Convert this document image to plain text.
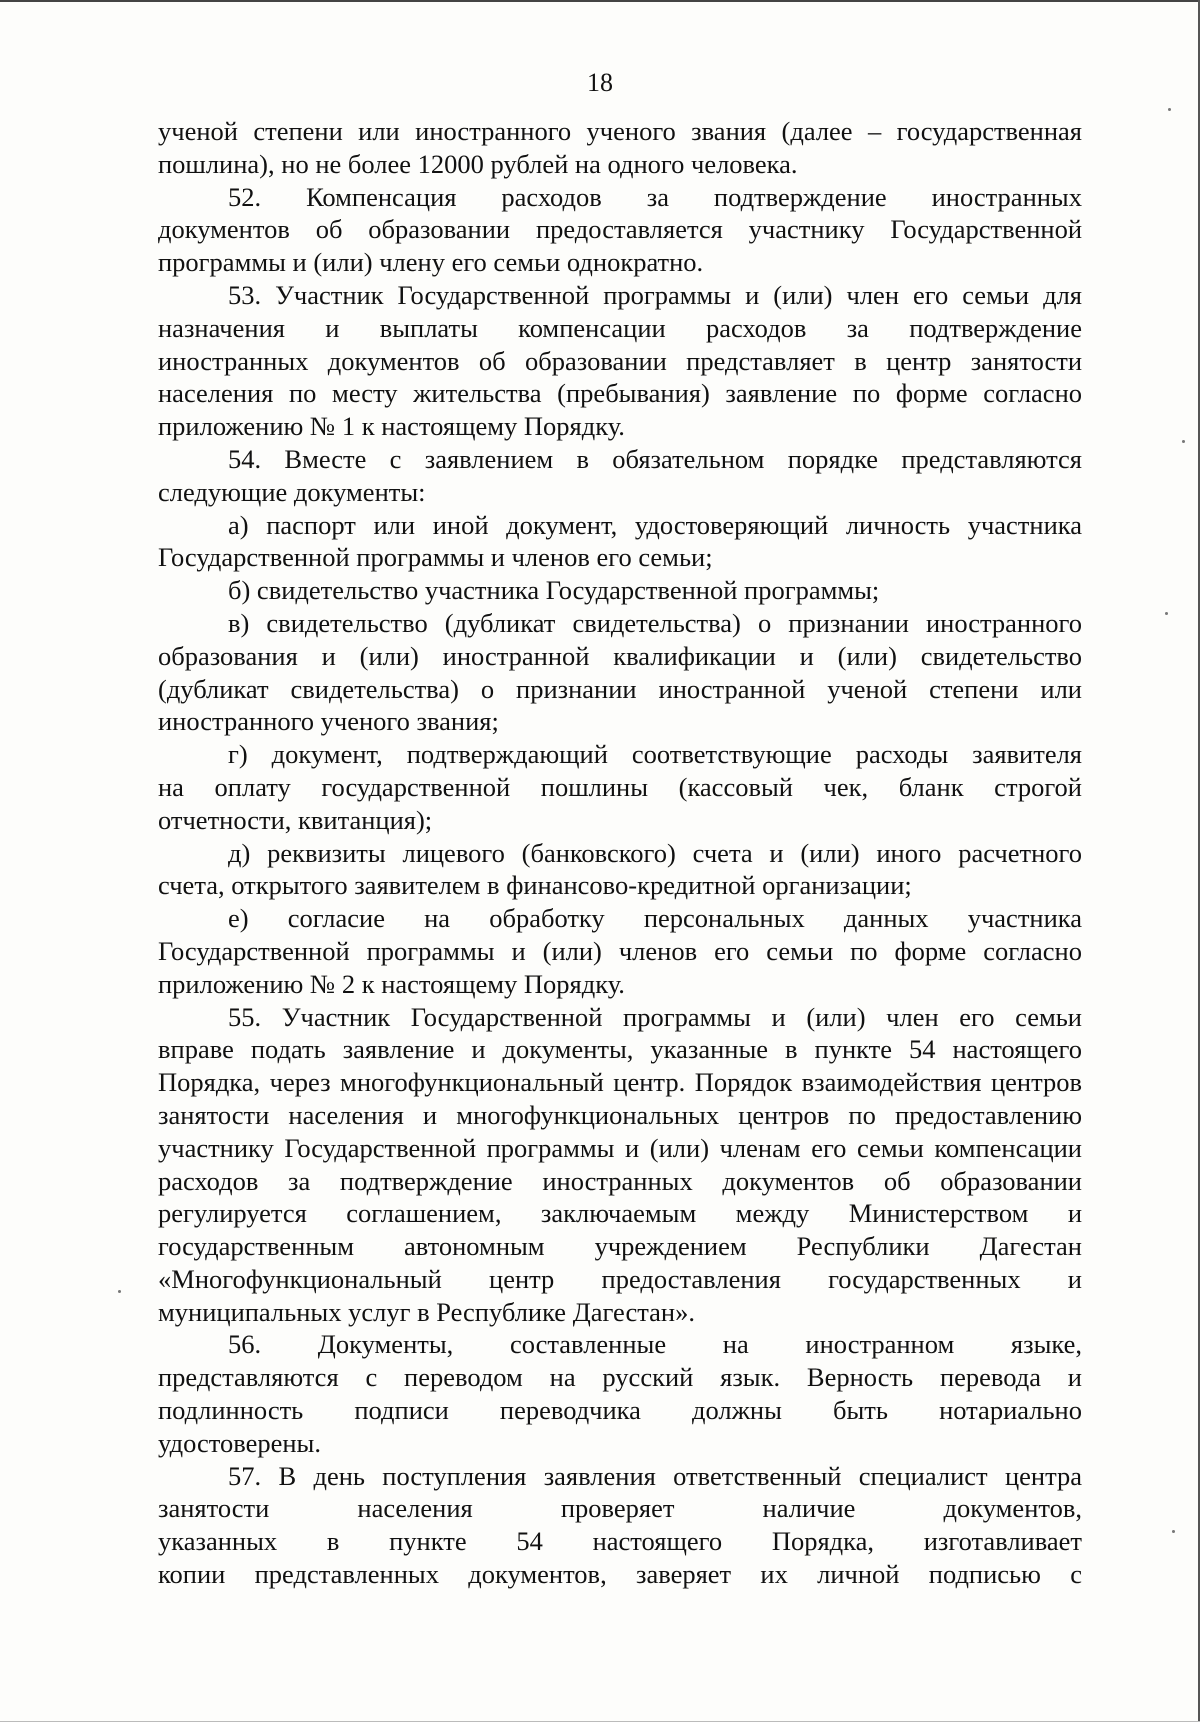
18
ученой степени или иностранного ученого звания (далее – государственная
пошлина), но не более 12000 рублей на одного человека.
52. Компенсация расходов за подтверждение иностранных
документов об образовании предоставляется участнику Государственной
программы и (или) члену его семьи однократно.
53. Участник Государственной программы и (или) член его семьи для
назначения и выплаты компенсации расходов за подтверждение
иностранных документов об образовании представляет в центр занятости
населения по месту жительства (пребывания) заявление по форме согласно
приложению № 1 к настоящему Порядку.
54. Вместе с заявлением в обязательном порядке представляются
следующие документы:
а) паспорт или иной документ, удостоверяющий личность участника
Государственной программы и членов его семьи;
б) свидетельство участника Государственной программы;
в) свидетельство (дубликат свидетельства) о признании иностранного
образования и (или) иностранной квалификации и (или) свидетельство
(дубликат свидетельства) о признании иностранной ученой степени или
иностранного ученого звания;
г) документ, подтверждающий соответствующие расходы заявителя
на оплату государственной пошлины (кассовый чек, бланк строгой
отчетности, квитанция);
д) реквизиты лицевого (банковского) счета и (или) иного расчетного
счета, открытого заявителем в финансово-кредитной организации;
е) согласие на обработку персональных данных участника
Государственной программы и (или) членов его семьи по форме согласно
приложению № 2 к настоящему Порядку.
55. Участник Государственной программы и (или) член его семьи
вправе подать заявление и документы, указанные в пункте 54 настоящего
Порядка, через многофункциональный центр. Порядок взаимодействия центров
занятости населения и многофункциональных центров по предоставлению
участнику Государственной программы и (или) членам его семьи компенсации
расходов за подтверждение иностранных документов об образовании
регулируется соглашением, заключаемым между Министерством и
государственным автономным учреждением Республики Дагестан
«Многофункциональный центр предоставления государственных и
муниципальных услуг в Республике Дагестан».
56. Документы, составленные на иностранном языке,
представляются с переводом на русский язык. Верность перевода и
подлинность подписи переводчика должны быть нотариально
удостоверены.
57. В день поступления заявления ответственный специалист центра
занятости населения проверяет наличие документов,
указанных в пункте 54 настоящего Порядка, изготавливает
копии представленных документов, заверяет их личной подписью с
